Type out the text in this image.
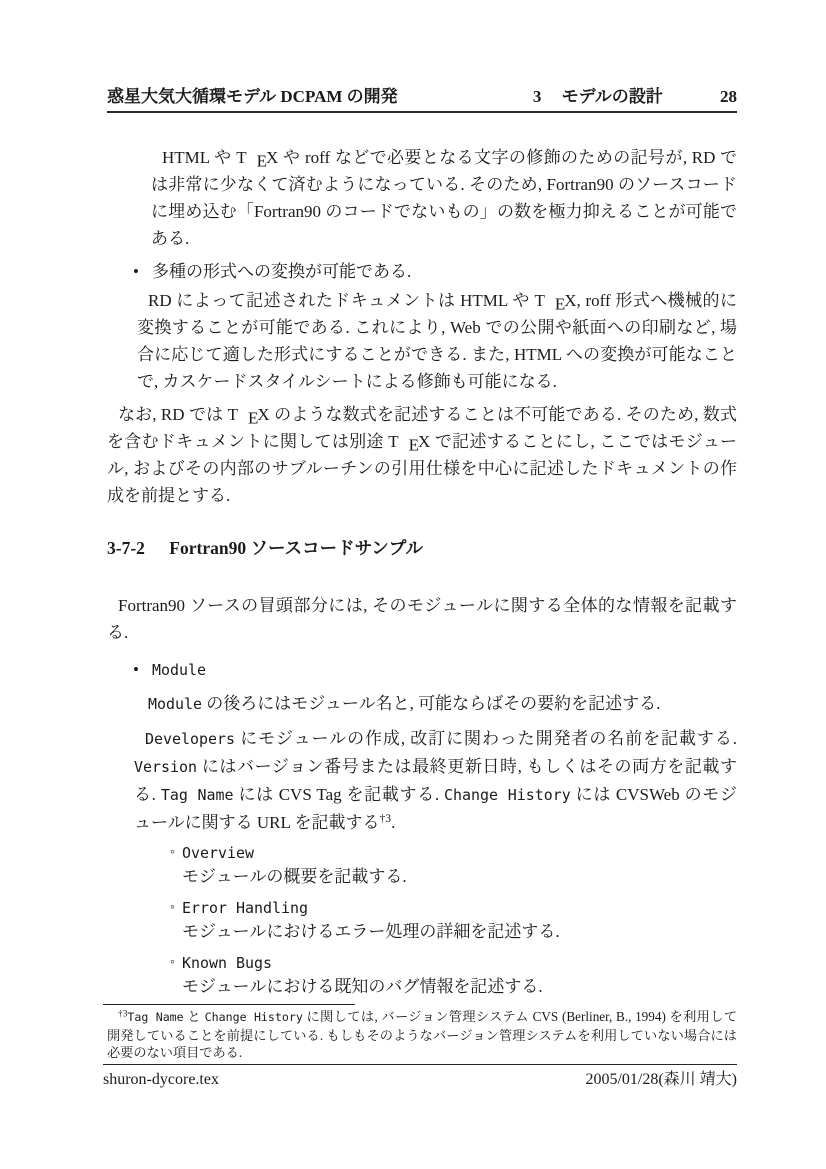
惑星大気大循環モデル DCPAM の開発	3 モデルの設計	28

HTML や T EX や roff などで必要となる文字の修飾のための記号が, RD では非常に少なくて済むようになっている. そのため, Fortran90 のソースコードに埋め込む「Fortran90 のコードでないもの」の数を極力抑えることが可能である.

• 多種の形式への変換が可能である.

RD によって記述されたドキュメントは HTML や T EX, roff 形式へ機械的に変換することが可能である. これにより, Web での公開や紙面への印刷など, 場合に応じて適した形式にすることができる. また, HTML への変換が可能なことで, カスケードスタイルシートによる修飾も可能になる.

なお, RD では T EX のような数式を記述することは不可能である. そのため, 数式を含むドキュメントに関しては別途 T EX で記述することにし, ここではモジュール, およびその内部のサブルーチンの引用仕様を中心に記述したドキュメントの作成を前提とする.

3-7-2 Fortran90 ソースコードサンプル

Fortran90 ソースの冒頭部分には, そのモジュールに関する全体的な情報を記載する.

• Module

Module の後ろにはモジュール名と, 可能ならばその要約を記述する.

Developers にモジュールの作成, 改訂に関わった開発者の名前を記載する. Version にはバージョン番号または最終更新日時, もしくはその両方を記載する. Tag Name には CVS Tag を記載する. Change History には CVSWeb のモジュールに関する URL を記載する$^{\dagger 3}$.

◦ Overview

モジュールの概要を記載する.

◦ Error Handling

モジュールにおけるエラー処理の詳細を記述する.

◦ Known Bugs

モジュールにおける既知のバグ情報を記述する.

$^{\dagger 3}$Tag Name と Change History に関しては, バージョン管理システム CVS (Berliner, B., 1994) を利用して開発していることを前提にしている. もしもそのようなバージョン管理システムを利用していない場合には必要のない項目である.

shuron-dycore.tex	2005/01/28(森川 靖大)
